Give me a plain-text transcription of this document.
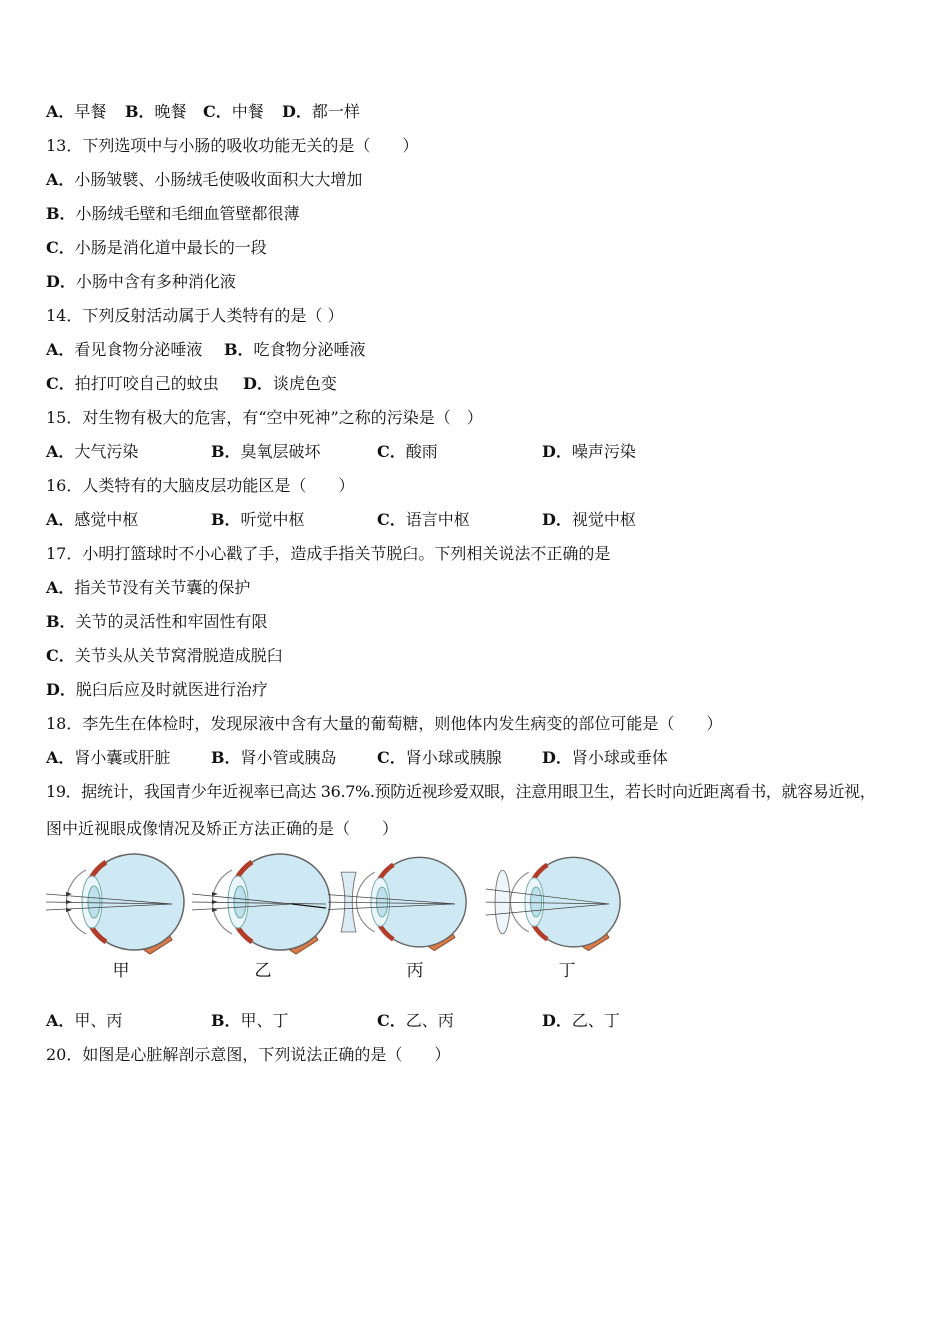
A．早餐 B．晚餐 C．中餐 D．都一样
13．下列选项中与小肠的吸收功能无关的是（　　）
A．小肠皱襞、小肠绒毛使吸收面积大大增加
B．小肠绒毛壁和毛细血管壁都很薄
C．小肠是消化道中最长的一段
D．小肠中含有多种消化液
14．下列反射活动属于人类特有的是（ ）
A．看见食物分泌唾液 B．吃食物分泌唾液
C．拍打叮咬自己的蚊虫 D．谈虎色变
15．对生物有极大的危害，有“空中死神”之称的污染是（　）
A．大气污染	B．臭氧层破坏	C．酸雨	D．噪声污染
16．人类特有的大脑皮层功能区是（　　）
A．感觉中枢	B．听觉中枢	C．语言中枢	D．视觉中枢
17．小明打篮球时不小心戳了手，造成手指关节脱臼。下列相关说法不正确的是
A．指关节没有关节囊的保护
B．关节的灵活性和牢固性有限
C．关节头从关节窝滑脱造成脱臼
D．脱臼后应及时就医进行治疗
18．李先生在体检时，发现尿液中含有大量的葡萄糖，则他体内发生病变的部位可能是（　　）
A．肾小囊或肝脏	B．肾小管或胰岛	C．肾小球或胰腺	D．肾小球或垂体
19．据统计，我国青少年近视率已高达 36.7%.预防近视珍爱双眼，注意用眼卫生，若长时向近距离看书，就容易近视，
图中近视眼成像情况及矫正方法正确的是（　　）
甲	乙	丙	丁
A．甲、丙	B．甲、丁	C．乙、丙	D．乙、丁
20．如图是心脏解剖示意图，下列说法正确的是（　　）
